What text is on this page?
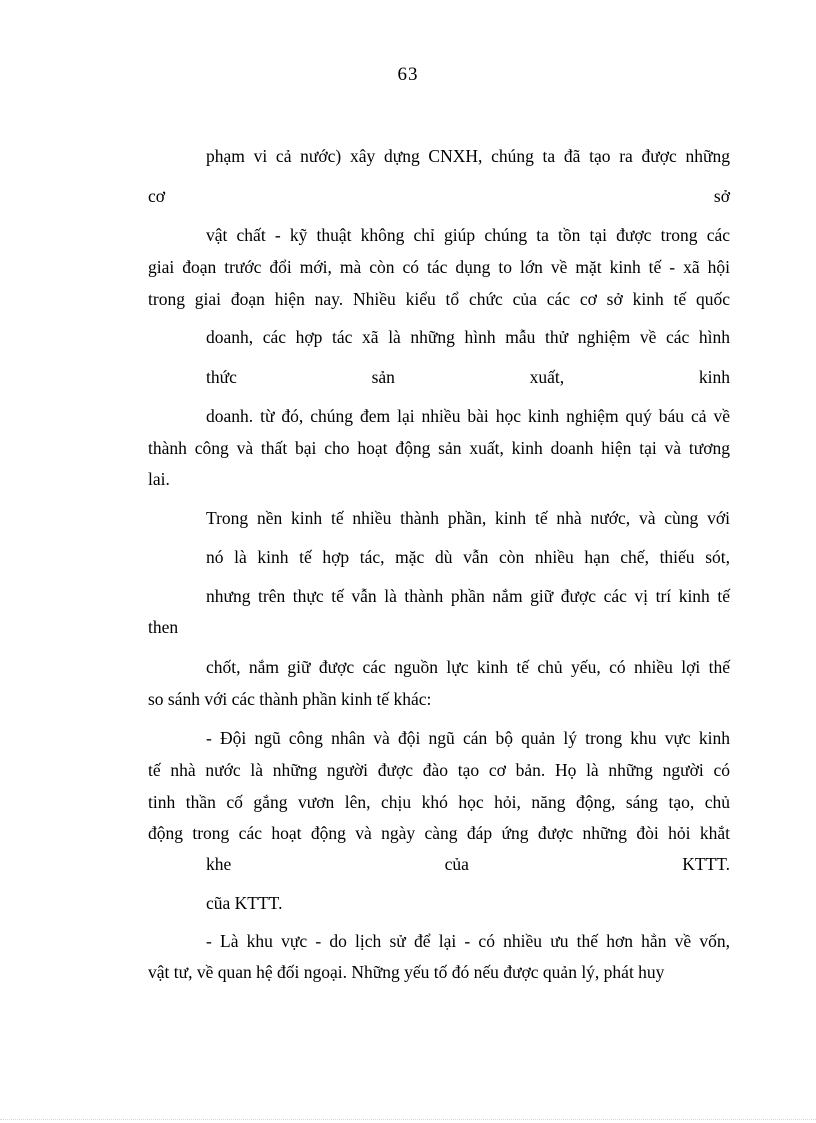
63
phạm vi cả nước) xây dựng CNXH, chúng ta đã tạo ra được những
cơ sở
vật chất - kỹ thuật không chỉ giúp chúng ta tồn tại được trong các
giai đoạn trước đổi mới, mà còn có tác dụng to lớn về mặt kinh tế - xã hội
trong giai đoạn hiện nay. Nhiều kiểu tổ chức của các cơ sở kinh tế quốc
doanh, các hợp tác xã là những hình mẫu thử nghiệm về các hình
thức sản xuất, kinh
doanh. từ đó, chúng đem lại nhiều bài học kinh nghiệm quý báu cả về
thành công và thất bại cho hoạt động sản xuất, kinh doanh hiện tại và tương
lai.
Trong nền kinh tế nhiều thành phần, kinh tế nhà nước, và cùng với
nó là kinh tế hợp tác, mặc dù vẫn còn nhiều hạn chế, thiếu sót,
nhưng trên thực tế vẫn là thành phần nắm giữ được các vị trí kinh tế
then
chốt, nắm giữ được các nguồn lực kinh tế chủ yếu, có nhiều lợi thế
so sánh với các thành phần kinh tế khác:
- Đội ngũ công nhân và đội ngũ cán bộ quản lý trong khu vực kinh
tế nhà nước là những người được đào tạo cơ bản. Họ là những người có
tinh thần cố gắng vươn lên, chịu khó học hỏi, năng động, sáng tạo, chủ
động trong các hoạt động và ngày càng đáp ứng được những đòi hỏi khắt
khe của KTTT.
cũa KTTT.
- Là khu vực - do lịch sử để lại - có nhiều ưu thế hơn hẳn về vốn,
vật tư, về quan hệ đối ngoại. Những yếu tố đó nếu được quản lý, phát huy
